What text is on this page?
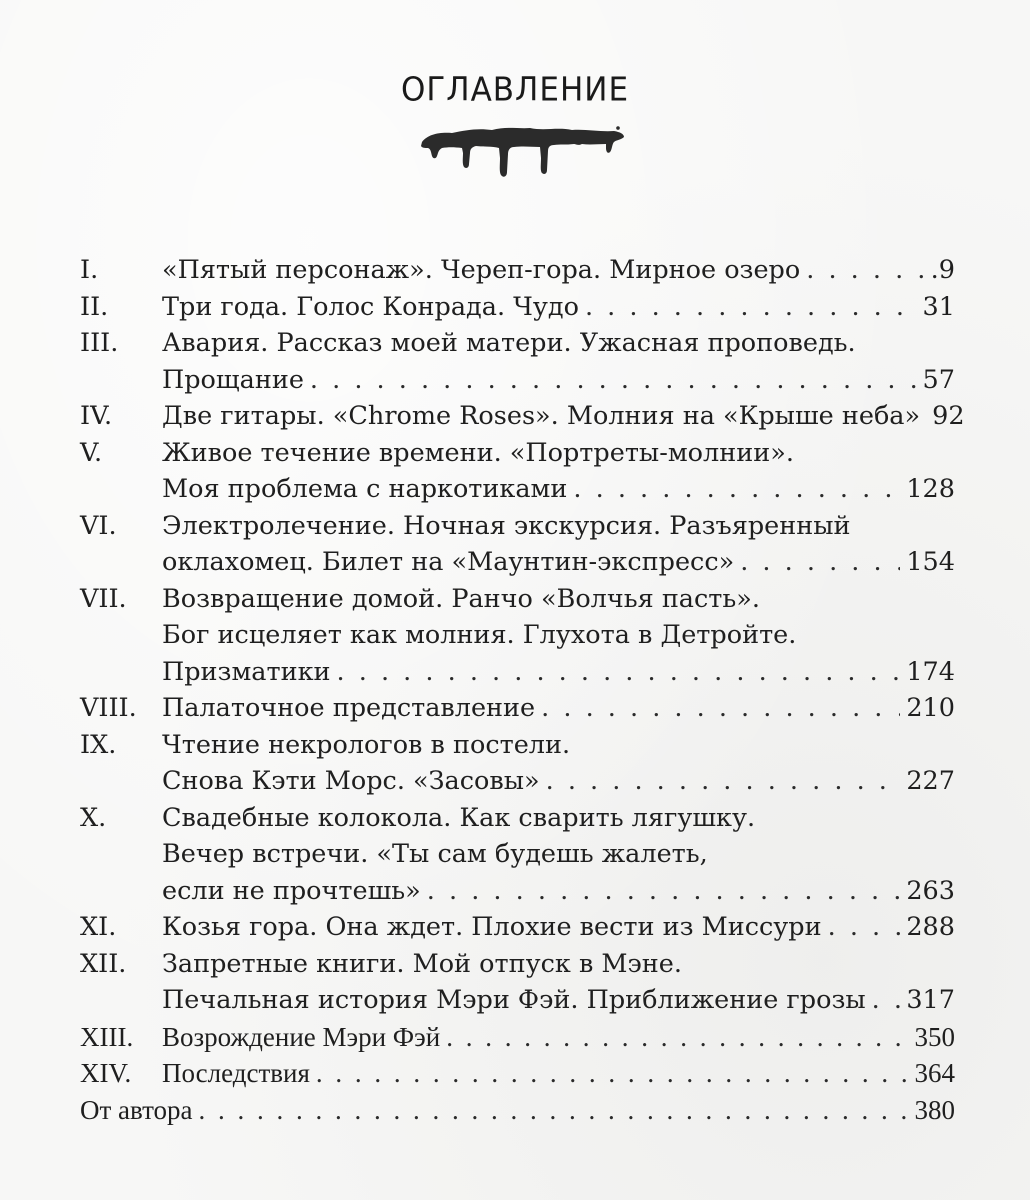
ОГЛАВЛЕНИЕ
I.	«Пятый персонаж». Череп-гора. Мирное озеро . . .	.9
II. Три года. Голос Конрада. Чудо . . .	31
III. Авария. Рассказ моей матери. Ужасная проповедь.
Прощание . . .	57
IV. Две гитары. «Chrome Roses». Молния на «Крыше неба» 92
V. Живое течение времени. «Портреты-молнии».
Моя проблема с наркотиками . . .	128
VI. Электролечение. Ночная экскурсия. Разъяренный
оклахомец. Билет на «Маунтин-экспресс» . . .	154
VII. Возвращение домой. Ранчо «Волчья пасть».
Бог исцеляет как молния. Глухота в Детройте.
Призматики . . .	174
VIII. Палаточное представление . . .	210
IX. Чтение некрологов в постели.
Снова Кэти Морс. «Засовы» . . .	227
X. Свадебные колокола. Как сварить лягушку.
Вечер встречи. «Ты сам будешь жалеть,
если не прочтешь» . . .	263
XI. Козья гора. Она ждет. Плохие вести из Миссури . . .	288
XII. Запретные книги. Мой отпуск в Мэне.
Печальная история Мэри Фэй. Приближение грозы . . . 317
XIII. Возрождение Мэри Фэй . . .	350
XIV. Последствия . . .	364
От автора . . .	380
